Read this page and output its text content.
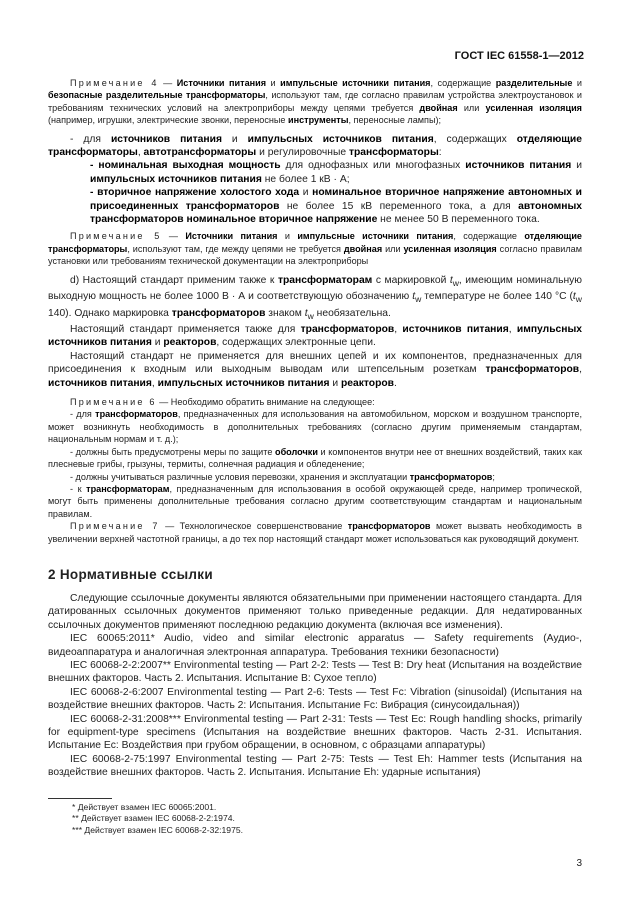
ГОСТ IEC 61558-1—2012
3

Примечание 4 — Источники питания и импульсные источники питания, содержащие разделительные и безопасные разделительные трансформаторы, используют там, где согласно правилам устройства электроустановок и требованиям технических условий на электроприборы между цепями требуется двойная или усиленная изоляция (например, игрушки, электрические звонки, переносные инструменты, переносные лампы);

- для источников питания и импульсных источников питания, содержащих отделяющие трансформаторы, автотрансформаторы и регулировочные трансформаторы:

- номинальная выходная мощность для однофазных или многофазных источников питания и импульсных источников питания не более 1 кВ · А;

- вторичное напряжение холостого хода и номинальное вторичное напряжение автономных и присоединенных трансформаторов не более 15 кВ переменного тока, а для автономных трансформаторов номинальное вторичное напряжение не менее 50 В переменного тока.

Примечание 5 — Источники питания и импульсные источники питания, содержащие отделяющие трансформаторы, используют там, где между цепями не требуется двойная или усиленная изоляция согласно правилам установки или требованиям технической документации на электроприборы

d) Настоящий стандарт применим также к трансформаторам с маркировкой $t_w$, имеющим номинальную выходную мощность не более 1000 В · А и соответствующую обозначению $t_w$ температуре не более 140 °С ($t_w$ 140). Однако маркировка трансформаторов знаком $t_w$ необязательна.

Настоящий стандарт применяется также для трансформаторов, источников питания, импульсных источников питания и реакторов, содержащих электронные цепи.

Настоящий стандарт не применяется для внешних цепей и их компонентов, предназначенных для присоединения к входным или выходным выводам или штепсельным розеткам трансформаторов, источников питания, импульсных источников питания и реакторов.

Примечание 6 — Необходимо обратить внимание на следующее:

- для трансформаторов, предназначенных для использования на автомобильном, морском и воздушном транспорте, может возникнуть необходимость в дополнительных требованиях (согласно другим применяемым стандартам, национальным нормам и т. д.);

- должны быть предусмотрены меры по защите оболочки и компонентов внутри нее от внешних воздействий, таких как плесневые грибы, грызуны, термиты, солнечная радиация и обледенение;

- должны учитываться различные условия перевозки, хранения и эксплуатации трансформаторов;

- к трансформаторам, предназначенным для использования в особой окружающей среде, например тропической, могут быть применены дополнительные требования согласно другим соответствующим стандартам и национальным правилам.

Примечание 7 — Технологическое совершенствование трансформаторов может вызвать необходимость в увеличении верхней частотной границы, а до тех пор настоящий стандарт может использоваться как руководящий документ.

2 Нормативные ссылки

Следующие ссылочные документы являются обязательными при применении настоящего стандарта. Для датированных ссылочных документов применяют только приведенные редакции. Для недатированных ссылочных документов применяют последнюю редакцию документа (включая все изменения).

IEC 60065:2011* Audio, video and similar electronic apparatus — Safety requirements (Аудио-, видеоаппаратура и аналогичная электронная аппаратура. Требования техники безопасности)

IEC 60068-2-2:2007** Environmental testing — Part 2-2: Tests — Test B: Dry heat (Испытания на воздействие внешних факторов. Часть 2. Испытания. Испытание В: Сухое тепло)

IEC 60068-2-6:2007 Environmental testing — Part 2-6: Tests — Test Fc: Vibration (sinusoidal) (Испытания на воздействие внешних факторов. Часть 2: Испытания. Испытание Fc: Вибрация (синусоидальная))

IEC 60068-2-31:2008*** Environmental testing — Part 2-31: Tests — Test Ec: Rough handling shocks, primarily for equipment-type specimens (Испытания на воздействие внешних факторов. Часть 2-31. Испытания. Испытание Ec: Воздействия при грубом обращении, в основном, с образцами аппаратуры)

IEC 60068-2-75:1997 Environmental testing — Part 2-75: Tests — Test Eh: Hammer tests (Испытания на воздействие внешних факторов. Часть 2. Испытания. Испытание Eh: ударные испытания)

* Действует взамен IEC 60065:2001.

** Действует взамен IEC 60068-2-2:1974.

*** Действует взамен IEC 60068-2-32:1975.
